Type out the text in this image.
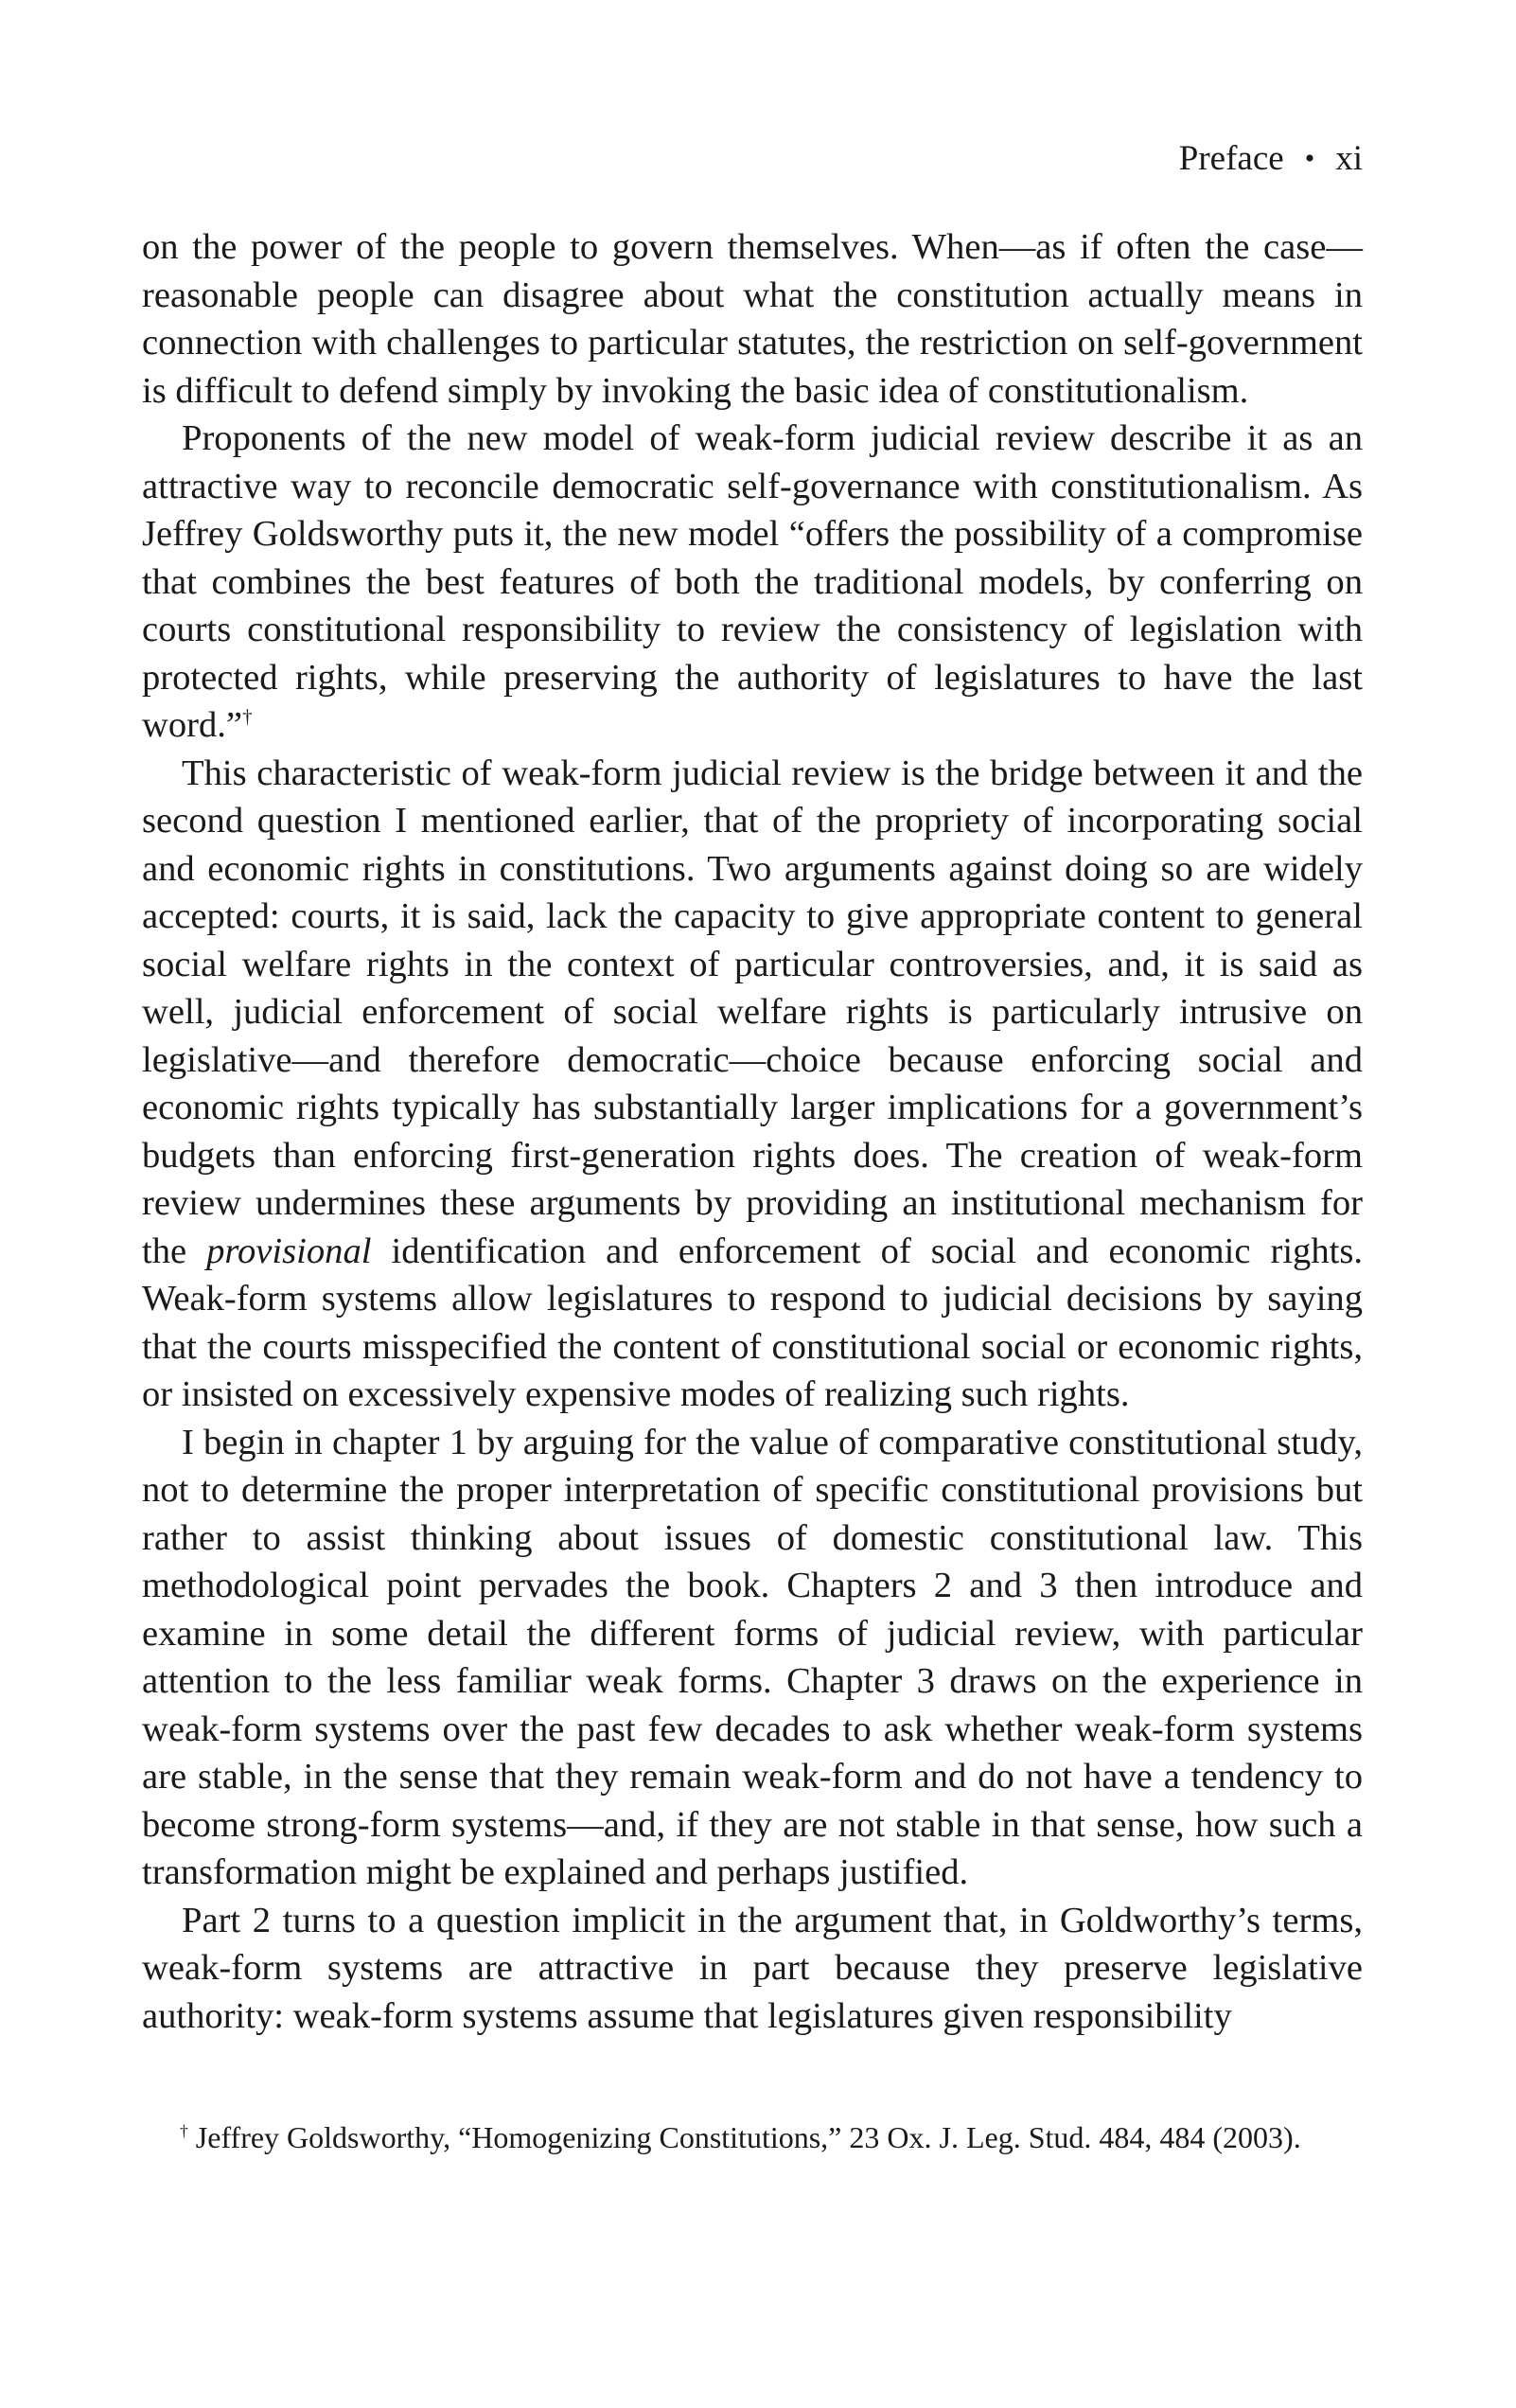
Preface • xi

on the power of the people to govern themselves. When—as if often the case—reasonable people can disagree about what the constitution actually means in connection with challenges to particular statutes, the restriction on self-government is difficult to defend simply by invoking the basic idea of constitutionalism.

Proponents of the new model of weak-form judicial review describe it as an attractive way to reconcile democratic self-governance with constitutionalism. As Jeffrey Goldsworthy puts it, the new model “offers the possibility of a compromise that combines the best features of both the traditional models, by conferring on courts constitutional responsibility to review the consistency of legislation with protected rights, while preserving the authority of legislatures to have the last word.”†

This characteristic of weak-form judicial review is the bridge between it and the second question I mentioned earlier, that of the propriety of incorporating social and economic rights in constitutions. Two arguments against doing so are widely accepted: courts, it is said, lack the capacity to give appropriate content to general social welfare rights in the context of particular controversies, and, it is said as well, judicial enforcement of social welfare rights is particularly intrusive on legislative—and therefore democratic—choice because enforcing social and economic rights typically has substantially larger implications for a government’s budgets than enforcing first-generation rights does. The creation of weak-form review undermines these arguments by providing an institutional mechanism for the provisional identification and enforcement of social and economic rights. Weak-form systems allow legislatures to respond to judicial decisions by saying that the courts misspecified the content of constitutional social or economic rights, or insisted on excessively expensive modes of realizing such rights.

I begin in chapter 1 by arguing for the value of comparative constitutional study, not to determine the proper interpretation of specific constitutional provisions but rather to assist thinking about issues of domestic constitutional law. This methodological point pervades the book. Chapters 2 and 3 then introduce and examine in some detail the different forms of judicial review, with particular attention to the less familiar weak forms. Chapter 3 draws on the experience in weak-form systems over the past few decades to ask whether weak-form systems are stable, in the sense that they remain weak-form and do not have a tendency to become strong-form systems—and, if they are not stable in that sense, how such a transformation might be explained and perhaps justified.

Part 2 turns to a question implicit in the argument that, in Goldworthy’s terms, weak-form systems are attractive in part because they preserve legislative authority: weak-form systems assume that legislatures given responsibility

† Jeffrey Goldsworthy, “Homogenizing Constitutions,” 23 Ox. J. Leg. Stud. 484, 484 (2003).
